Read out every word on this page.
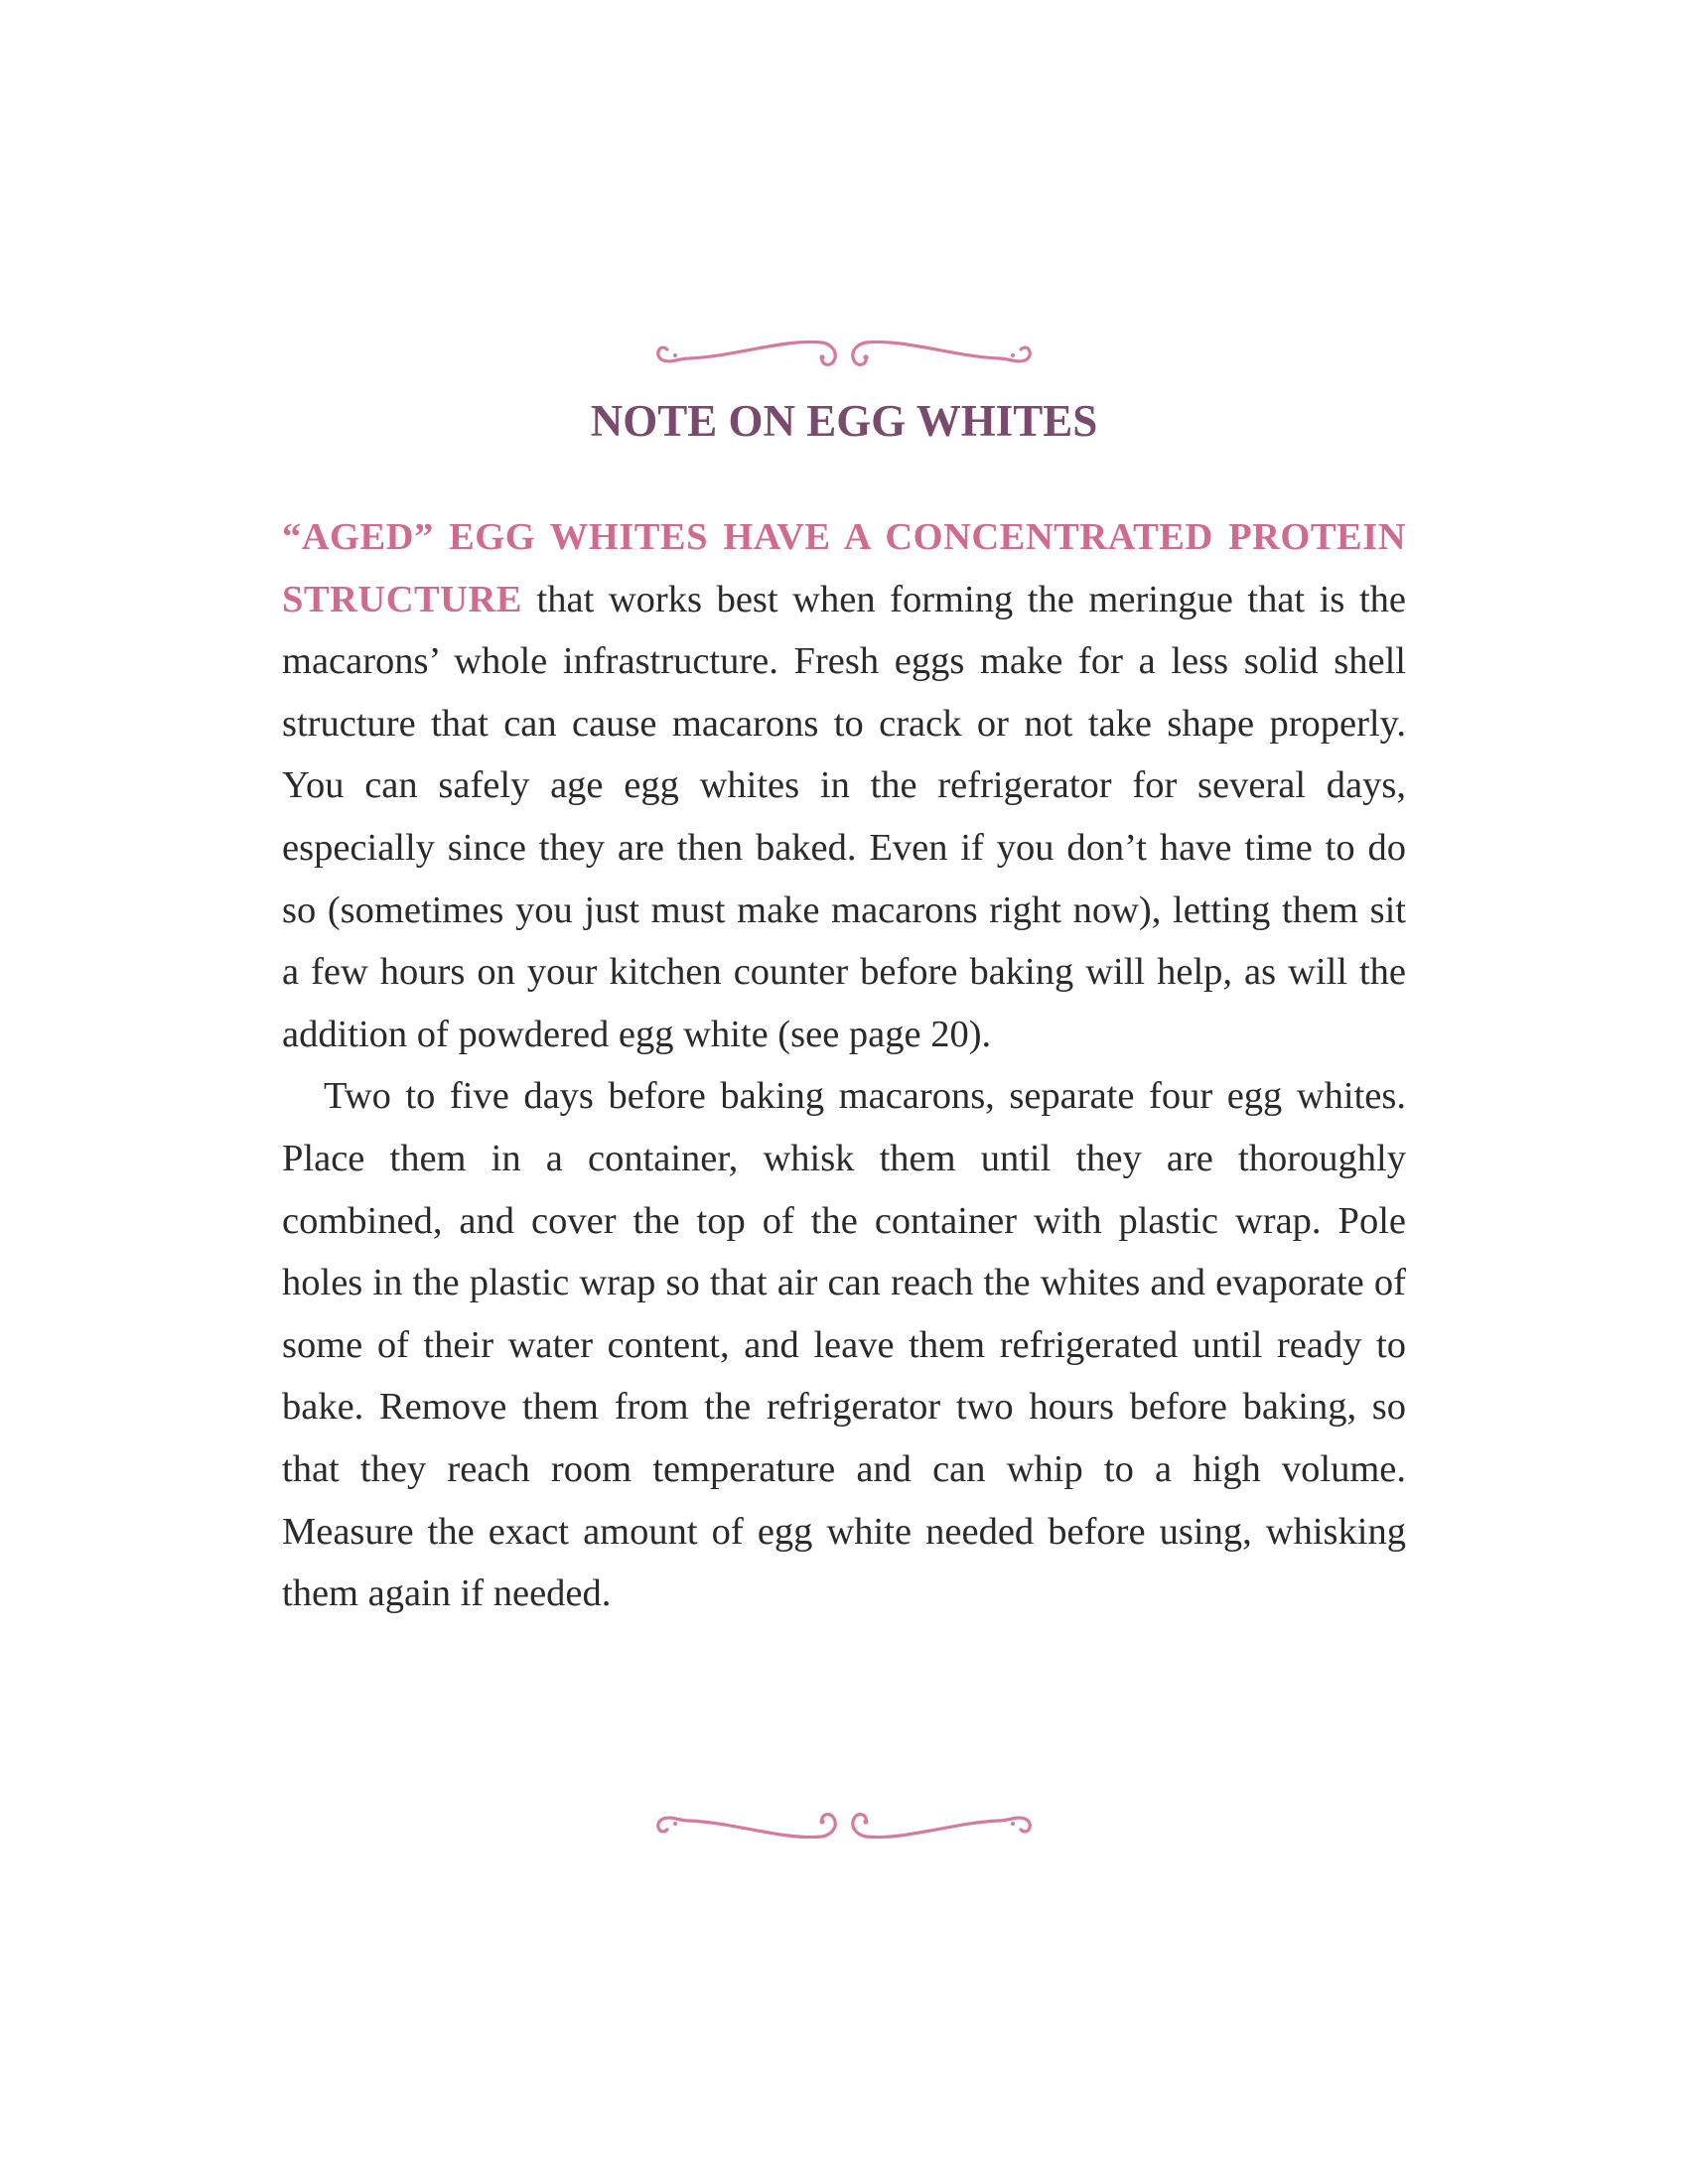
NOTE ON EGG WHITES

“AGED” EGG WHITES HAVE A CONCENTRATED PROTEIN STRUCTURE that works best when forming the meringue that is the macarons’ whole infrastructure. Fresh eggs make for a less solid shell structure that can cause macarons to crack or not take shape properly. You can safely age egg whites in the refrigerator for several days, especially since they are then baked. Even if you don’t have time to do so (sometimes you just must make macarons right now), letting them sit a few hours on your kitchen counter before baking will help, as will the addition of powdered egg white (see page 20).

Two to five days before baking macarons, separate four egg whites. Place them in a container, whisk them until they are thoroughly combined, and cover the top of the container with plastic wrap. Pole holes in the plastic wrap so that air can reach the whites and evaporate of some of their water content, and leave them refrigerated until ready to bake. Remove them from the refrigerator two hours before baking, so that they reach room temperature and can whip to a high volume. Measure the exact amount of egg white needed before using, whisking them again if needed.
